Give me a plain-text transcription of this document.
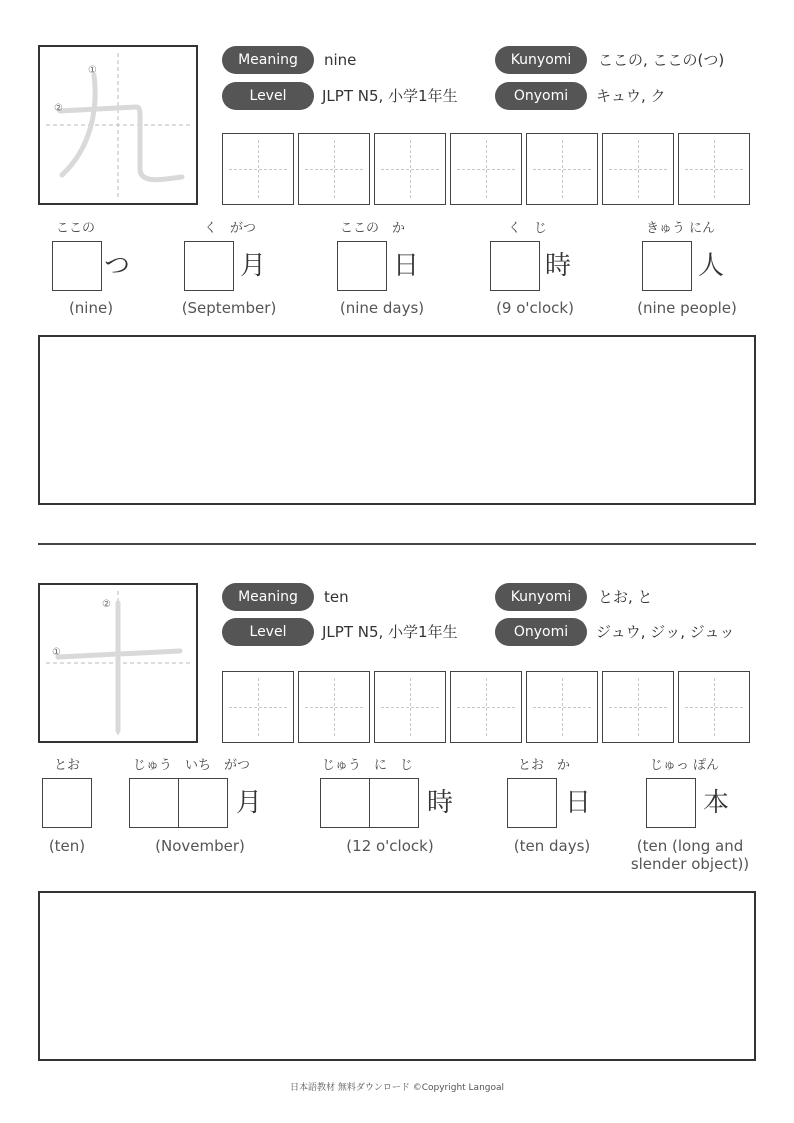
①
②
Meaning	nine
Level	JLPT N5, 小学1年生
Kunyomi	ここの, ここの(つ)
Onyomi	キュウ, ク
ここの
つ
(nine)
く　がつ
月
(September)
ここの　か
日
(nine days)
く　じ
時
(9 o'clock)
きゅう にん
人
(nine people)
②
①
Meaning	ten
Level	JLPT N5, 小学1年生
Kunyomi	とお, と
Onyomi	ジュウ, ジッ, ジュッ
とお
(ten)
じゅう　いち　がつ
月
(November)
じゅう　に　じ
時
(12 o'clock)
とお　か
日
(ten days)
じゅっ ぽん
本
(ten (long and slender object))
日本語教材 無料ダウンロード ©Copyright Langoal
